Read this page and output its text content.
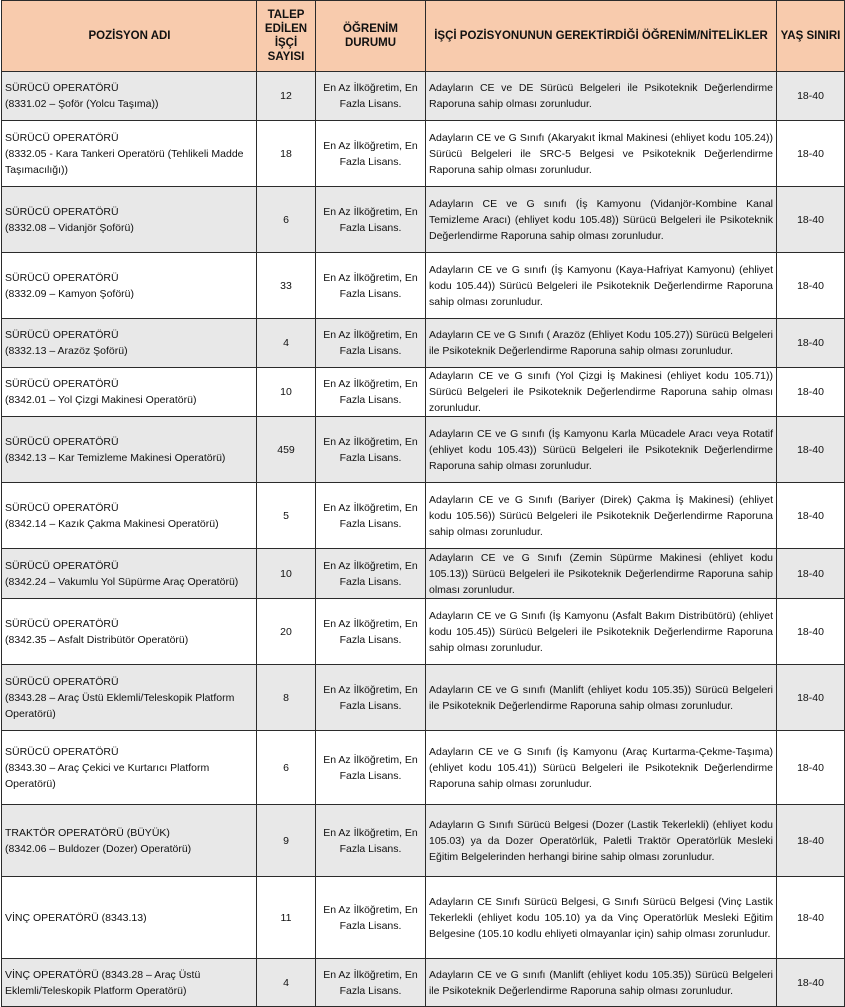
POZİSYON ADI	TALEP EDİLEN İŞÇİ SAYISI	ÖĞRENİM DURUMU	İŞÇİ POZİSYONUNUN GEREKTİRDİĞİ ÖĞRENİM/NİTELİKLER	YAŞ SINIRI

SÜRÜCÜ OPERATÖRÜ
(8331.02 – Şoför (Yolcu Taşıma))	12	En Az İlköğretim, En Fazla Lisans.	Adayların CE ve DE Sürücü Belgeleri ile Psikoteknik Değerlendirme Raporuna sahip olması zorunludur.	18-40

SÜRÜCÜ OPERATÖRÜ
(8332.05 - Kara Tankeri Operatörü (Tehlikeli Madde Taşımacılığı))	18	En Az İlköğretim, En Fazla Lisans.	Adayların CE ve G Sınıfı (Akaryakıt İkmal Makinesi (ehliyet kodu 105.24)) Sürücü Belgeleri ile SRC-5 Belgesi ve Psikoteknik Değerlendirme Raporuna sahip olması zorunludur.	18-40

SÜRÜCÜ OPERATÖRÜ
(8332.08 – Vidanjör Şoförü)	6	En Az İlköğretim, En Fazla Lisans.	Adayların CE ve G sınıfı (İş Kamyonu (Vidanjör-Kombine Kanal Temizleme Aracı) (ehliyet kodu 105.48)) Sürücü Belgeleri ile Psikoteknik Değerlendirme Raporuna sahip olması zorunludur.	18-40

SÜRÜCÜ OPERATÖRÜ
(8332.09 – Kamyon Şoförü)	33	En Az İlköğretim, En Fazla Lisans.	Adayların CE ve G sınıfı (İş Kamyonu (Kaya-Hafriyat Kamyonu) (ehliyet kodu 105.44)) Sürücü Belgeleri ile Psikoteknik Değerlendirme Raporuna sahip olması zorunludur.	18-40

SÜRÜCÜ OPERATÖRÜ
(8332.13 – Arazöz Şoförü)	4	En Az İlköğretim, En Fazla Lisans.	Adayların CE ve G Sınıfı ( Arazöz (Ehliyet Kodu 105.27)) Sürücü Belgeleri ile Psikoteknik Değerlendirme Raporuna sahip olması zorunludur.	18-40

SÜRÜCÜ OPERATÖRÜ
(8342.01 – Yol Çizgi Makinesi Operatörü)	10	En Az İlköğretim, En Fazla Lisans.	Adayların CE ve G sınıfı (Yol Çizgi İş Makinesi (ehliyet kodu 105.71)) Sürücü Belgeleri ile Psikoteknik Değerlendirme Raporuna sahip olması zorunludur.	18-40

SÜRÜCÜ OPERATÖRÜ
(8342.13 – Kar Temizleme Makinesi Operatörü)	459	En Az İlköğretim, En Fazla Lisans.	Adayların CE ve G sınıfı (İş Kamyonu Karla Mücadele Aracı veya Rotatif (ehliyet kodu 105.43)) Sürücü Belgeleri ile Psikoteknik Değerlendirme Raporuna sahip olması zorunludur.	18-40

SÜRÜCÜ OPERATÖRÜ
(8342.14 – Kazık Çakma Makinesi Operatörü)	5	En Az İlköğretim, En Fazla Lisans.	Adayların CE ve G Sınıfı (Bariyer (Direk) Çakma İş Makinesi) (ehliyet kodu 105.56)) Sürücü Belgeleri ile Psikoteknik Değerlendirme Raporuna sahip olması zorunludur.	18-40

SÜRÜCÜ OPERATÖRÜ
(8342.24 – Vakumlu Yol Süpürme Araç Operatörü)	10	En Az İlköğretim, En Fazla Lisans.	Adayların CE ve G Sınıfı (Zemin Süpürme Makinesi (ehliyet kodu 105.13)) Sürücü Belgeleri ile Psikoteknik Değerlendirme Raporuna sahip olması zorunludur.	18-40

SÜRÜCÜ OPERATÖRÜ
(8342.35 – Asfalt Distribütör Operatörü)	20	En Az İlköğretim, En Fazla Lisans.	Adayların CE ve G Sınıfı (İş Kamyonu (Asfalt Bakım Distribütörü) (ehliyet kodu 105.45)) Sürücü Belgeleri ile Psikoteknik Değerlendirme Raporuna sahip olması zorunludur.	18-40

SÜRÜCÜ OPERATÖRÜ
(8343.28 – Araç Üstü Eklemli/Teleskopik Platform Operatörü)	8	En Az İlköğretim, En Fazla Lisans.	Adayların CE ve G sınıfı (Manlift (ehliyet kodu 105.35)) Sürücü Belgeleri ile Psikoteknik Değerlendirme Raporuna sahip olması zorunludur.	18-40

SÜRÜCÜ OPERATÖRÜ
(8343.30 – Araç Çekici ve Kurtarıcı Platform Operatörü)	6	En Az İlköğretim, En Fazla Lisans.	Adayların CE ve G Sınıfı (İş Kamyonu (Araç Kurtarma-Çekme-Taşıma) (ehliyet kodu 105.41)) Sürücü Belgeleri ile Psikoteknik Değerlendirme Raporuna sahip olması zorunludur.	18-40

TRAKTÖR OPERATÖRÜ (BÜYÜK)
(8342.06 – Buldozer (Dozer) Operatörü)	9	En Az İlköğretim, En Fazla Lisans.	Adayların G Sınıfı Sürücü Belgesi (Dozer (Lastik Tekerlekli) (ehliyet kodu 105.03) ya da Dozer Operatörlük, Paletli Traktör Operatörlük Mesleki Eğitim Belgelerinden herhangi birine sahip olması zorunludur.	18-40

VİNÇ OPERATÖRÜ (8343.13)	11	En Az İlköğretim, En Fazla Lisans.	Adayların CE Sınıfı Sürücü Belgesi, G Sınıfı Sürücü Belgesi (Vinç Lastik Tekerlekli (ehliyet kodu 105.10) ya da Vinç Operatörlük Mesleki Eğitim Belgesine (105.10 kodlu ehliyeti olmayanlar için) sahip olması zorunludur.	18-40

VİNÇ OPERATÖRÜ (8343.28 – Araç Üstü Eklemli/Teleskopik Platform Operatörü)	4	En Az İlköğretim, En Fazla Lisans.	Adayların CE ve G sınıfı (Manlift (ehliyet kodu 105.35)) Sürücü Belgeleri ile Psikoteknik Değerlendirme Raporuna sahip olması zorunludur.	18-40
